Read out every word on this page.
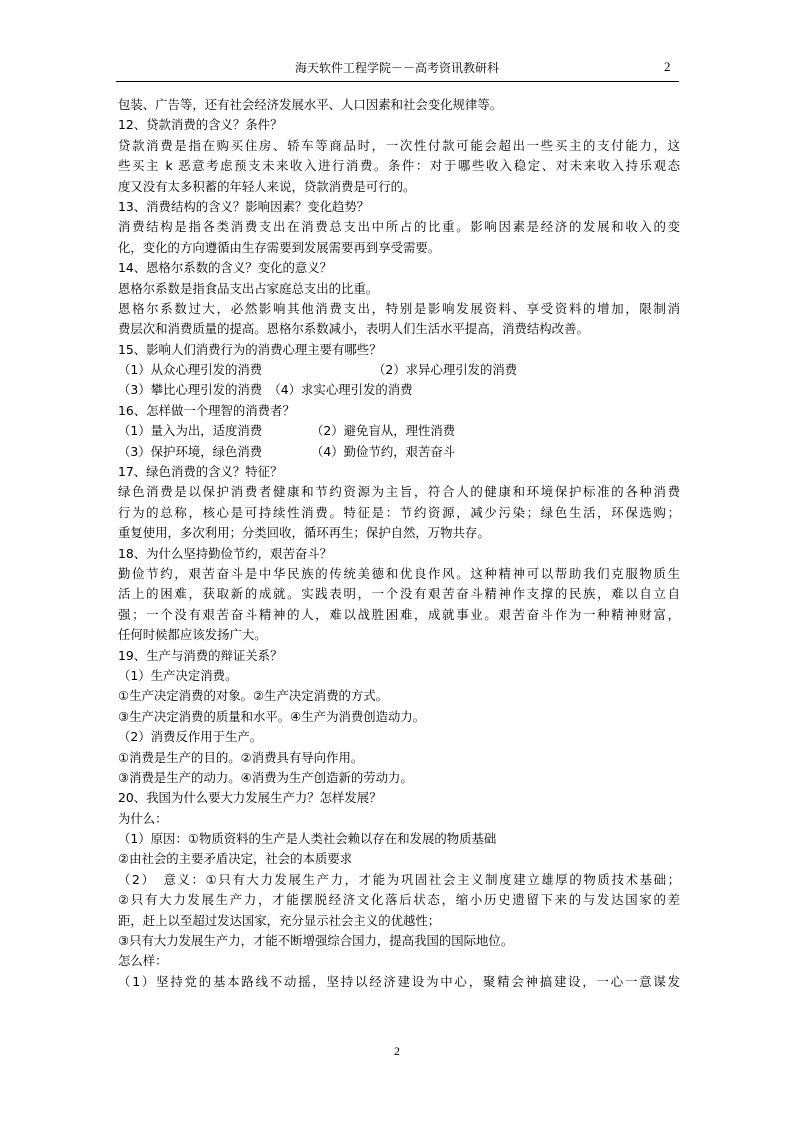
海天软件工程学院－－高考资讯教研科	2
包装、广告等，还有社会经济发展水平、人口因素和社会变化规律等。
12、贷款消费的含义？条件？
贷款消费是指在购买住房、轿车等商品时，一次性付款可能会超出一些买主的支付能力，这
些买主 k 恶意考虑预支未来收入进行消费。条件：对于哪些收入稳定、对未来收入持乐观态
度又没有太多积蓄的年轻人来说，贷款消费是可行的。
13、消费结构的含义？影响因素？变化趋势？
消费结构是指各类消费支出在消费总支出中所占的比重。影响因素是经济的发展和收入的变
化，变化的方向遵循由生存需要到发展需要再到享受需要。
14、恩格尔系数的含义？变化的意义？
恩格尔系数是指食品支出占家庭总支出的比重。
恩格尔系数过大，必然影响其他消费支出，特别是影响发展资料、享受资料的增加，限制消
费层次和消费质量的提高。恩格尔系数减小，表明人们生活水平提高，消费结构改善。
15、影响人们消费行为的消费心理主要有哪些？
（1）从众心理引发的消费	（2）求异心理引发的消费
（3）攀比心理引发的消费　（4）求实心理引发的消费
16、怎样做一个理智的消费者？
（1）量入为出，适度消费	（2）避免盲从，理性消费
（3）保护环境，绿色消费	（4）勤俭节约，艰苦奋斗
17、绿色消费的含义？特征？
绿色消费是以保护消费者健康和节约资源为主旨，符合人的健康和环境保护标准的各种消费
行为的总称，核心是可持续性消费。特征是：节约资源，减少污染；绿色生活，环保选购；
重复使用，多次利用；分类回收，循环再生；保护自然，万物共存。
18、为什么坚持勤俭节约，艰苦奋斗？
勤俭节约，艰苦奋斗是中华民族的传统美德和优良作风。这种精神可以帮助我们克服物质生
活上的困难，获取新的成就。实践表明，一个没有艰苦奋斗精神作支撑的民族，难以自立自
强；一个没有艰苦奋斗精神的人，难以战胜困难，成就事业。艰苦奋斗作为一种精神财富，
任何时候都应该发扬广大。
19、生产与消费的辩证关系？
（1）生产决定消费。
①生产决定消费的对象。②生产决定消费的方式。
③生产决定消费的质量和水平。④生产为消费创造动力。
（2）消费反作用于生产。
①消费是生产的目的。②消费具有导向作用。
③消费是生产的动力。④消费为生产创造新的劳动力。
20、我国为什么要大力发展生产力？怎样发展？
为什么：
（1）原因：①物质资料的生产是人类社会赖以存在和发展的物质基础
②由社会的主要矛盾决定，社会的本质要求
（2）　意义：①只有大力发展生产力，才能为巩固社会主义制度建立雄厚的物质技术基础；
②只有大力发展生产力，才能摆脱经济文化落后状态，缩小历史遗留下来的与发达国家的差
距，赶上以至超过发达国家，充分显示社会主义的优越性；
③只有大力发展生产力，才能不断增强综合国力，提高我国的国际地位。
怎么样：
（1）坚持党的基本路线不动摇，坚持以经济建设为中心，聚精会神搞建设，一心一意谋发
2
